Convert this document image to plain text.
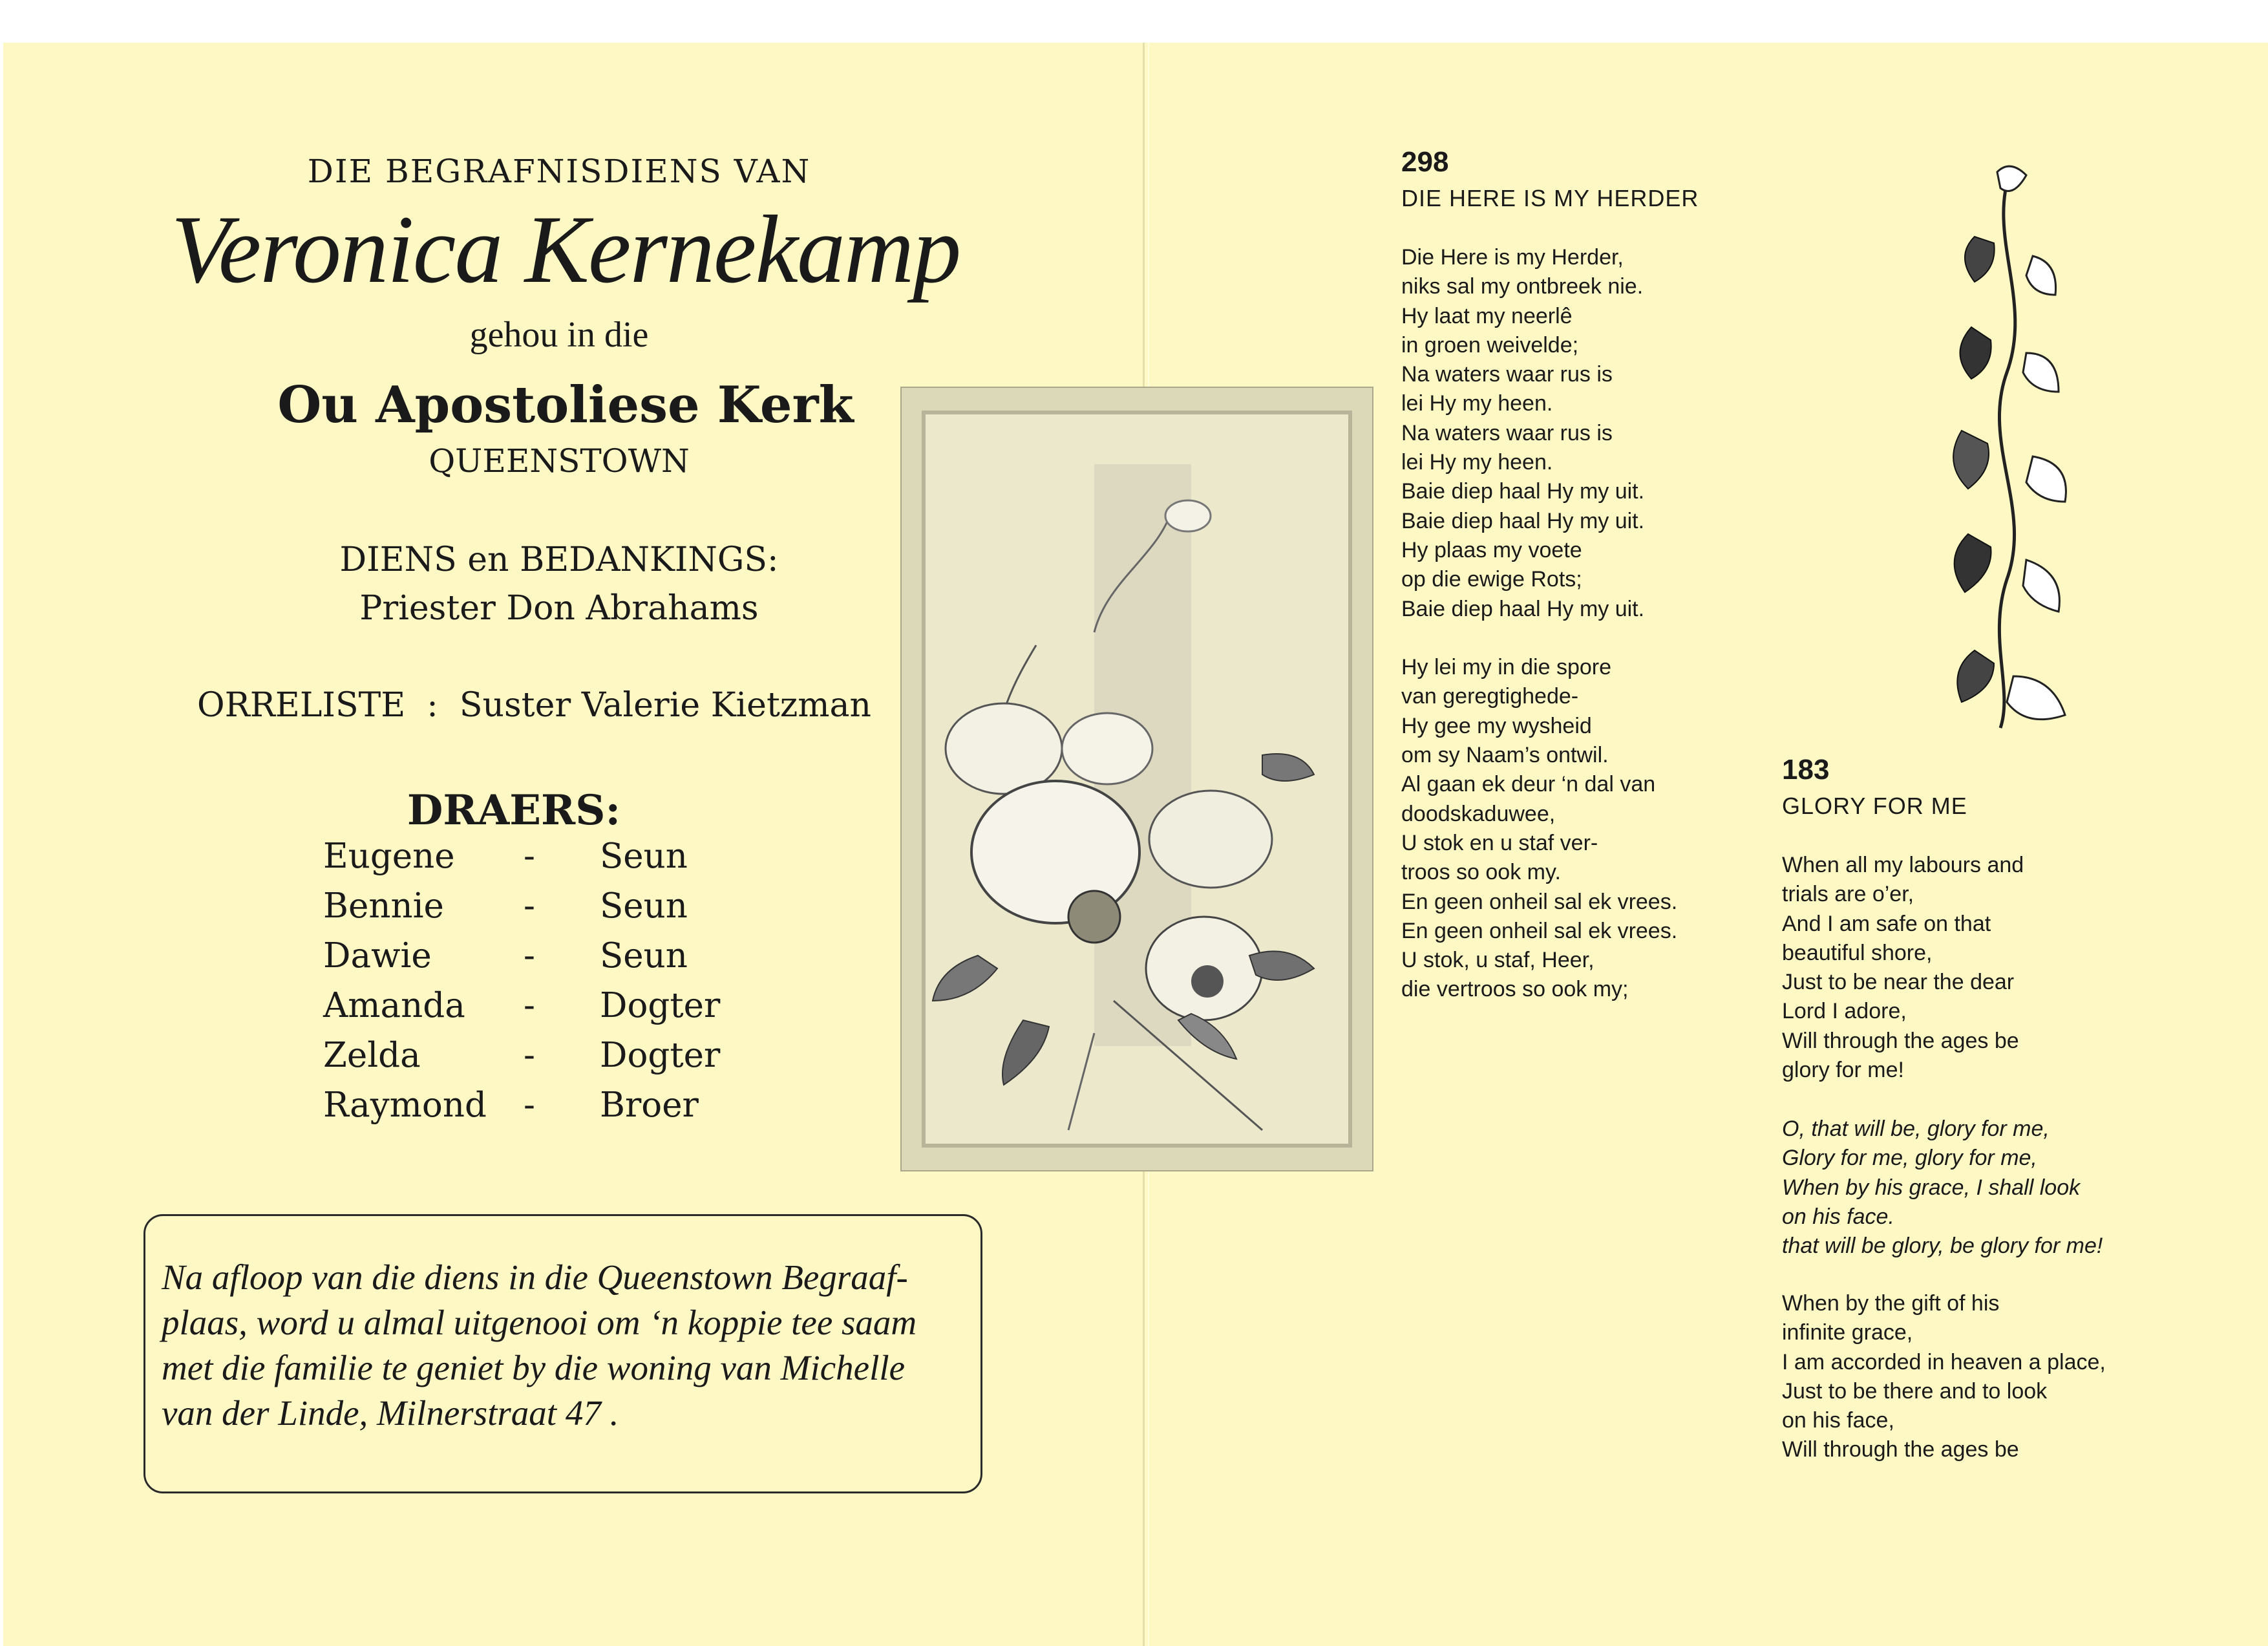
DIE BEGRAFNISDIENS VAN
Veronica Kernekamp
gehou in die
Ou Apostoliese Kerk
QUEENSTOWN
DIENS en BEDANKINGS:
Priester Don Abrahams
ORRELISTE  :  Suster Valerie Kietzman
DRAERS:
Eugene - Seun
Bennie - Seun
Dawie	- Seun
Amanda - Dogter
Zelda	- Dogter
Raymond - Broer
Na afloop van die diens in die Queenstown Begraaf-
plaas, word u almal uitgenooi om ‘n koppie tee saam
met die familie te geniet by die woning van Michelle
van der Linde, Milnerstraat 47 .
298
DIE HERE IS MY HERDER
Die Here is my Herder,
niks sal my ontbreek nie.
Hy laat my neerlê
in groen weivelde;
Na waters waar rus is
lei Hy my heen.
Na waters waar rus is
lei Hy my heen.
Baie diep haal Hy my uit.
Baie diep haal Hy my uit.
Hy plaas my voete
op die ewige Rots;
Baie diep haal Hy my uit.
Hy lei my in die spore
van geregtighede-
Hy gee my wysheid
om sy Naam’s ontwil.
Al gaan ek deur ‘n dal van
doodskaduwee,
U stok en u staf ver-
troos so ook my.
En geen onheil sal ek vrees.
En geen onheil sal ek vrees.
U stok, u staf, Heer,
die vertroos so ook my;
183
GLORY FOR ME
When all my labours and
trials are o’er,
And I am safe on that
beautiful shore,
Just to be near the dear
Lord I adore,
Will through the ages be
glory for me!
O, that will be, glory for me,
Glory for me, glory for me,
When by his grace, I shall look
on his face.
that will be glory, be glory for me!
When by the gift of his
infinite grace,
I am accorded in heaven a place,
Just to be there and to look
on his face,
Will through the ages be
